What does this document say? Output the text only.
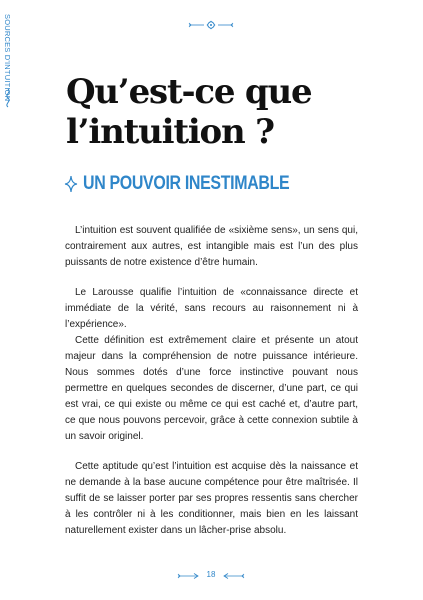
SOURCES D'INTUITION Qu’est-ce que
l’intuition ?
UN POUVOIR INESTIMABLE

L’intuition est souvent qualifiée de «sixième sens», un sens qui, contrairement aux autres, est intangible mais est l’un des plus puissants de notre existence d’être humain.

Le Larousse qualifie l’intuition de «connaissance directe et immédiate de la vérité, sans recours au raisonnement ni à l’expérience».

Cette définition est extrêmement claire et présente un atout majeur dans la compréhension de notre puissance intérieure. Nous sommes dotés d’une force instinctive pouvant nous permettre en quelques secondes de discerner, d’une part, ce qui est vrai, ce qui existe ou même ce qui est caché et, d’autre part, ce que nous pouvons percevoir, grâce à cette connexion subtile à un savoir originel.

Cette aptitude qu’est l’intuition est acquise dès la naissance et ne demande à la base aucune compétence pour être maîtrisée. Il suffit de se laisser porter par ses propres ressentis sans chercher à les contrôler ni à les conditionner, mais bien en les laissant naturellement exister dans un lâcher-prise absolu.

18
